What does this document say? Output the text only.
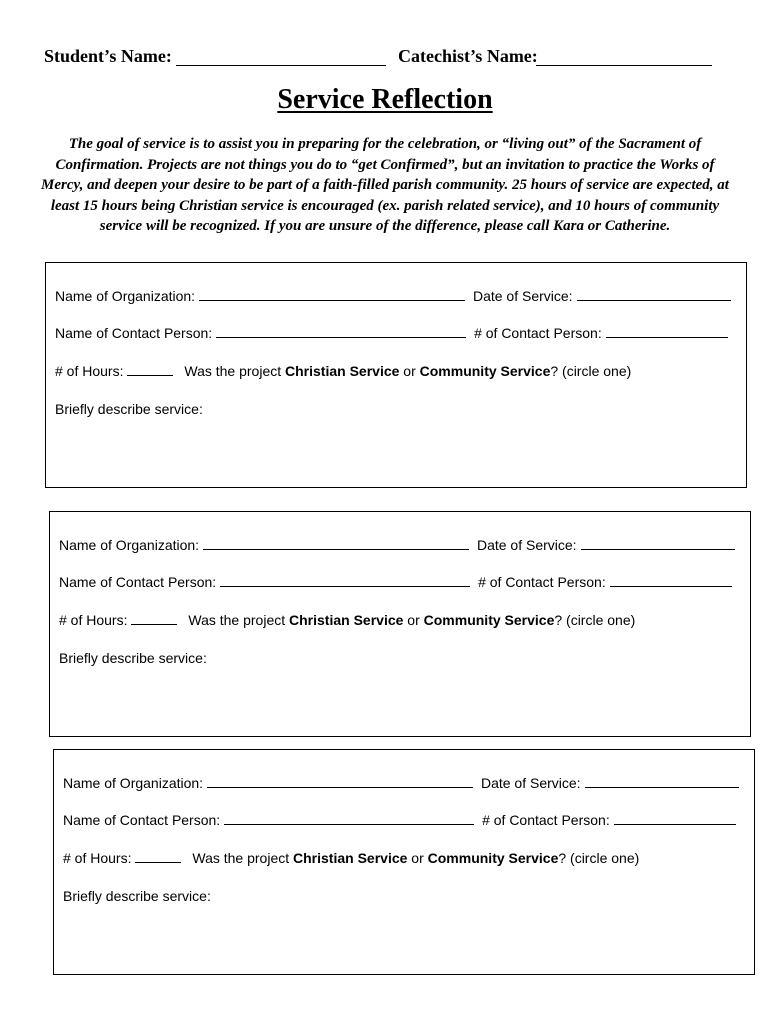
Student’s Name:	Catechist’s Name:
Service Reflection
The goal of service is to assist you in preparing for the celebration, or “living out” of the Sacrament of Confirmation. Projects are not things you do to “get Confirmed”, but an invitation to practice the Works of Mercy, and deepen your desire to be part of a faith-filled parish community. 25 hours of service are expected, at least 15 hours being Christian service is encouraged (ex. parish related service), and 10 hours of community service will be recognized. If you are unsure of the difference, please call Kara or Catherine.
Name of Organization:	Date of Service:
Name of Contact Person:	# of Contact Person:
# of Hours:	Was the project Christian Service or Community Service? (circle one)
Briefly describe service:
Name of Organization:	Date of Service:
Name of Contact Person:	# of Contact Person:
# of Hours:	Was the project Christian Service or Community Service? (circle one)
Briefly describe service:
Name of Organization:	Date of Service:
Name of Contact Person:	# of Contact Person:
# of Hours:	Was the project Christian Service or Community Service? (circle one)
Briefly describe service:
